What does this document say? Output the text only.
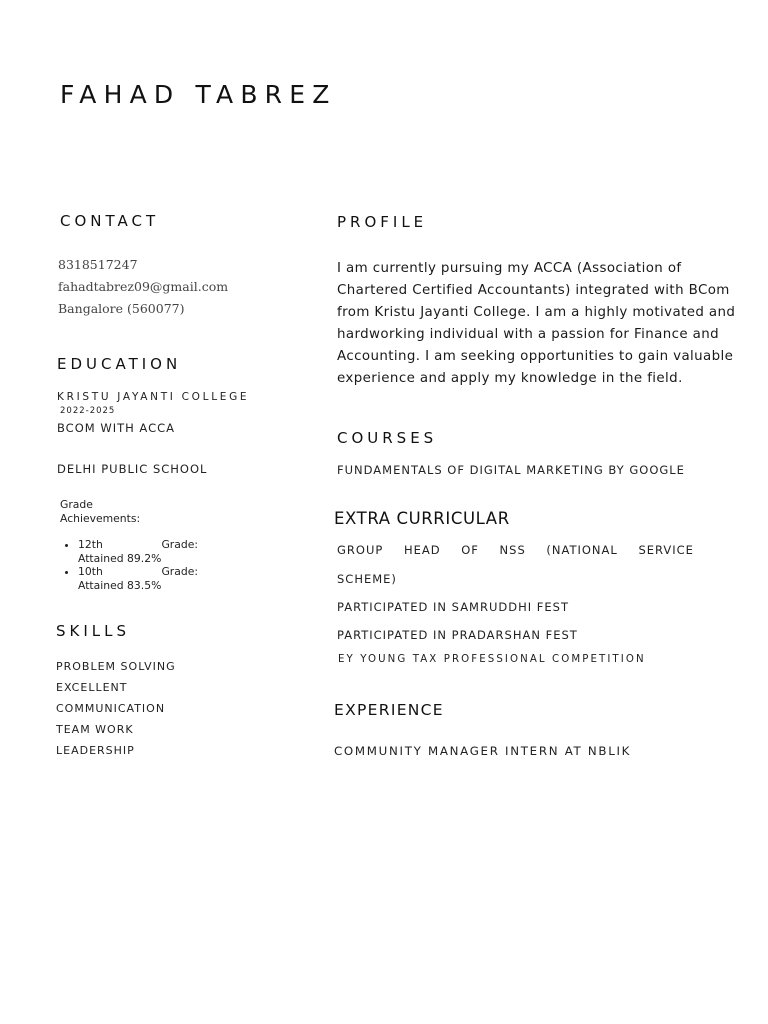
FAHAD TABREZ
CONTACT
8318517247
fahadtabrez09@gmail.com
Bangalore (560077)
EDUCATION
KRISTU JAYANTI COLLEGE
2022-2025
BCOM WITH ACCA
DELHI PUBLIC SCHOOL
Grade
Achievements:
• 12th	Grade:
Attained 89.2%
• 10th	Grade:
Attained 83.5%
SKILLS
PROBLEM SOLVING
EXCELLENT
COMMUNICATION
TEAM WORK
LEADERSHIP
PROFILE
I am currently pursuing my ACCA (Association of Chartered Certified Accountants) integrated with BCom from Kristu Jayanti College. I am a highly motivated and hardworking individual with a passion for Finance and Accounting. I am seeking opportunities to gain valuable experience and apply my knowledge in the field.
COURSES
FUNDAMENTALS OF DIGITAL MARKETING BY GOOGLE
EXTRA CURRICULAR
GROUP HEAD OF NSS (NATIONAL SERVICE
SCHEME)
PARTICIPATED IN SAMRUDDHI FEST
PARTICIPATED IN PRADARSHAN FEST
EY YOUNG TAX PROFESSIONAL COMPETITION
EXPERIENCE
COMMUNITY MANAGER INTERN AT NBLIK
